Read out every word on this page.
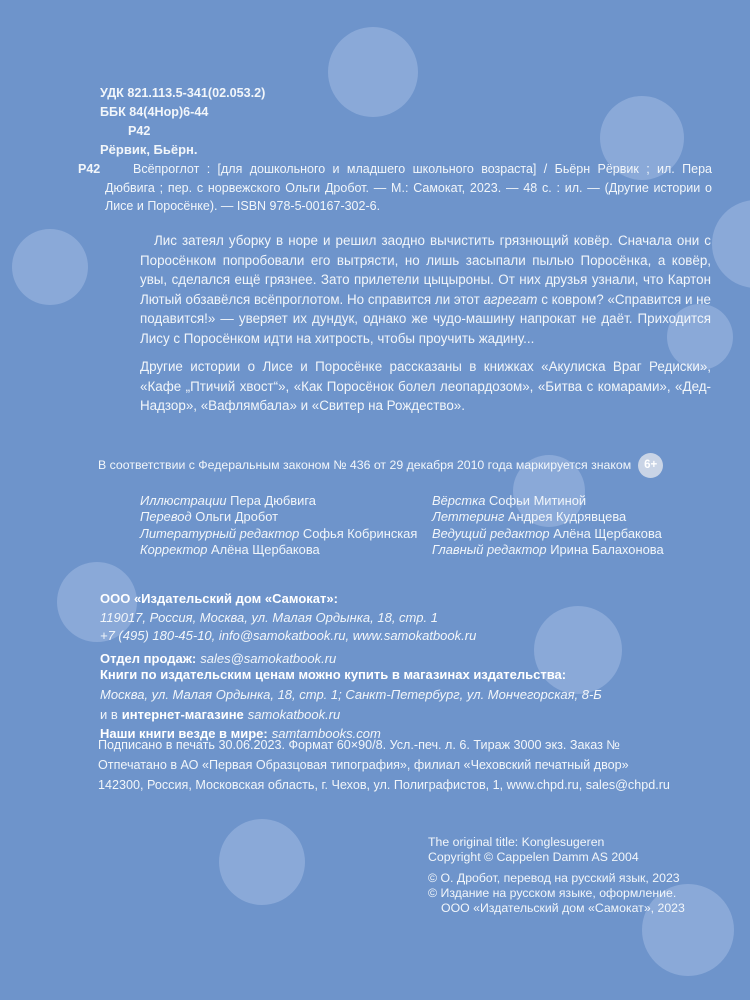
УДК 821.113.5-341(02.053.2)
ББК 84(4Нор)6-44
Р42
Рёрвик, Бьёрн.
Р42	Всёпроглот : [для дошкольного и младшего школьного возраста] / Бьёрн Рёрвик ; ил. Пера Дюбвига ; пер. с норвежского Ольги Дробот. — М.: Самокат, 2023. — 48 с. : ил. — (Другие истории о Лисе и Поросёнке). — ISBN 978-5-00167-302-6.

Лис затеял уборку в норе и решил заодно вычистить грязнющий ковёр. Сначала они с Поросёнком попробовали его вытрясти, но лишь засыпали пылью Поросёнка, а ковёр, увы, сделался ещё грязнее. Зато прилетели цыцыроны. От них друзья узнали, что Картон Лютый обзавёлся всёпроглотом. Но справится ли этот агрегат с ковром? «Справится и не подавится!» — уверяет их дундук, однако же чудо-машину напрокат не даёт. Приходится Лису с Поросёнком идти на хитрость, чтобы проучить жадину...

Другие истории о Лисе и Поросёнке рассказаны в книжках «Акулиска Враг Редиски», «Кафе „Птичий хвост“», «Как Поросёнок болел леопардозом», «Битва с комарами», «Дед-Надзор», «Вафлямбала» и «Свитер на Рождество».

В соответствии с Федеральным законом № 436 от 29 декабря 2010 года маркируется знаком 6+
Иллюстрации Пера Дюбвига
Перевод Ольги Дробот
Литературный редактор Софья Кобринская
Корректор Алёна Щербакова
Вёрстка Софьи Митиной
Леттеринг Андрея Кудрявцева
Ведущий редактор Алёна Щербакова
Главный редактор Ирина Балахонова
ООО «Издательский дом «Самокат»:
119017, Россия, Москва, ул. Малая Ордынка, 18, стр. 1
+7 (495) 180-45-10, info@samokatbook.ru, www.samokatbook.ru
Отдел продаж: sales@samokatbook.ru
Книги по издательским ценам можно купить в магазинах издательства:
Москва, ул. Малая Ордынка, 18, стр. 1; Санкт-Петербург, ул. Мончегорская, 8-Б
и в интернет-магазине samokatbook.ru
Наши книги везде в мире: samtambooks.com
Подписано в печать 30.06.2023. Формат 60×90/8. Усл.-печ. л. 6. Тираж 3000 экз. Заказ №
Отпечатано в АО «Первая Образцовая типография», филиал «Чеховский печатный двор»
142300, Россия, Московская область, г. Чехов, ул. Полиграфистов, 1, www.chpd.ru, sales@chpd.ru
The original title: Konglesugeren
Copyright © Cappelen Damm AS 2004
© О. Дробот, перевод на русский язык, 2023
© Издание на русском языке, оформление.
ООО «Издательский дом «Самокат», 2023
